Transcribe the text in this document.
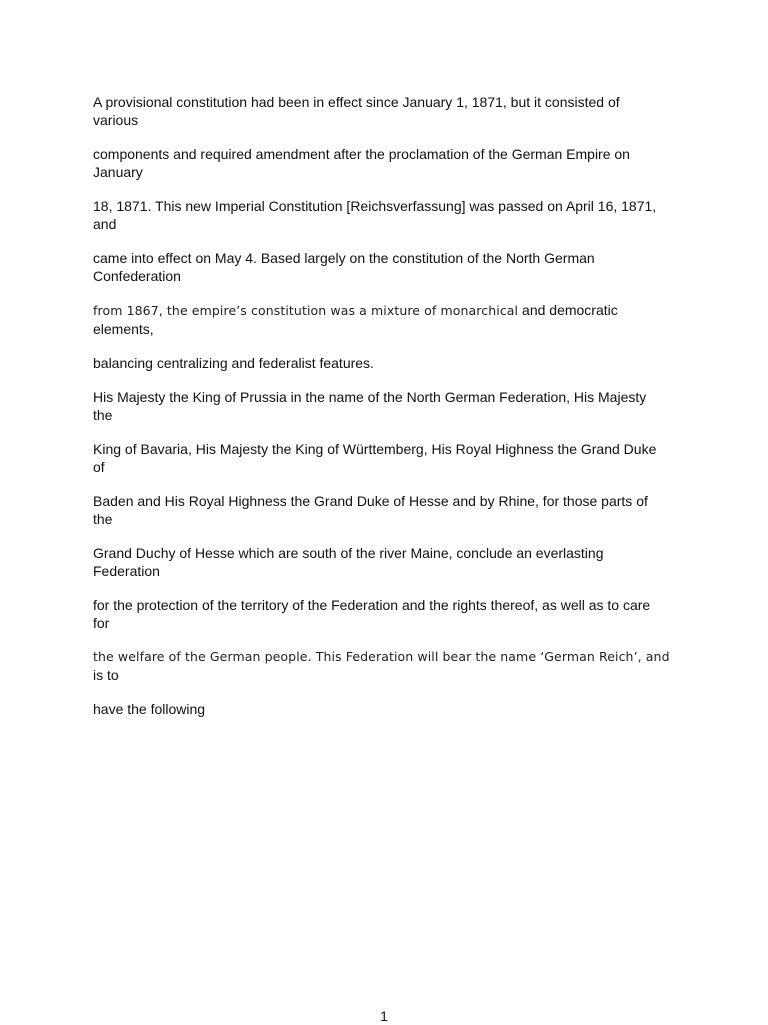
A provisional constitution had been in effect since January 1, 1871, but it consisted of
various

components and required amendment after the proclamation of the German Empire on
January

18, 1871. This new Imperial Constitution [Reichsverfassung] was passed on April 16, 1871,
and

came into effect on May 4. Based largely on the constitution of the North German
Confederation

from 1867, the empire’s constitution was a mixture of monarchical and democratic elements,

balancing centralizing and federalist features.

His Majesty the King of Prussia in the name of the North German Federation, His Majesty
the

King of Bavaria, His Majesty the King of Württemberg, His Royal Highness the Grand Duke
of

Baden and His Royal Highness the Grand Duke of Hesse and by Rhine, for those parts of
the

Grand Duchy of Hesse which are south of the river Maine, conclude an everlasting
Federation

for the protection of the territory of the Federation and the rights thereof, as well as to care
for

the welfare of the German people. This Federation will bear the name ‘German Reich’, and
is to

have the following

1
